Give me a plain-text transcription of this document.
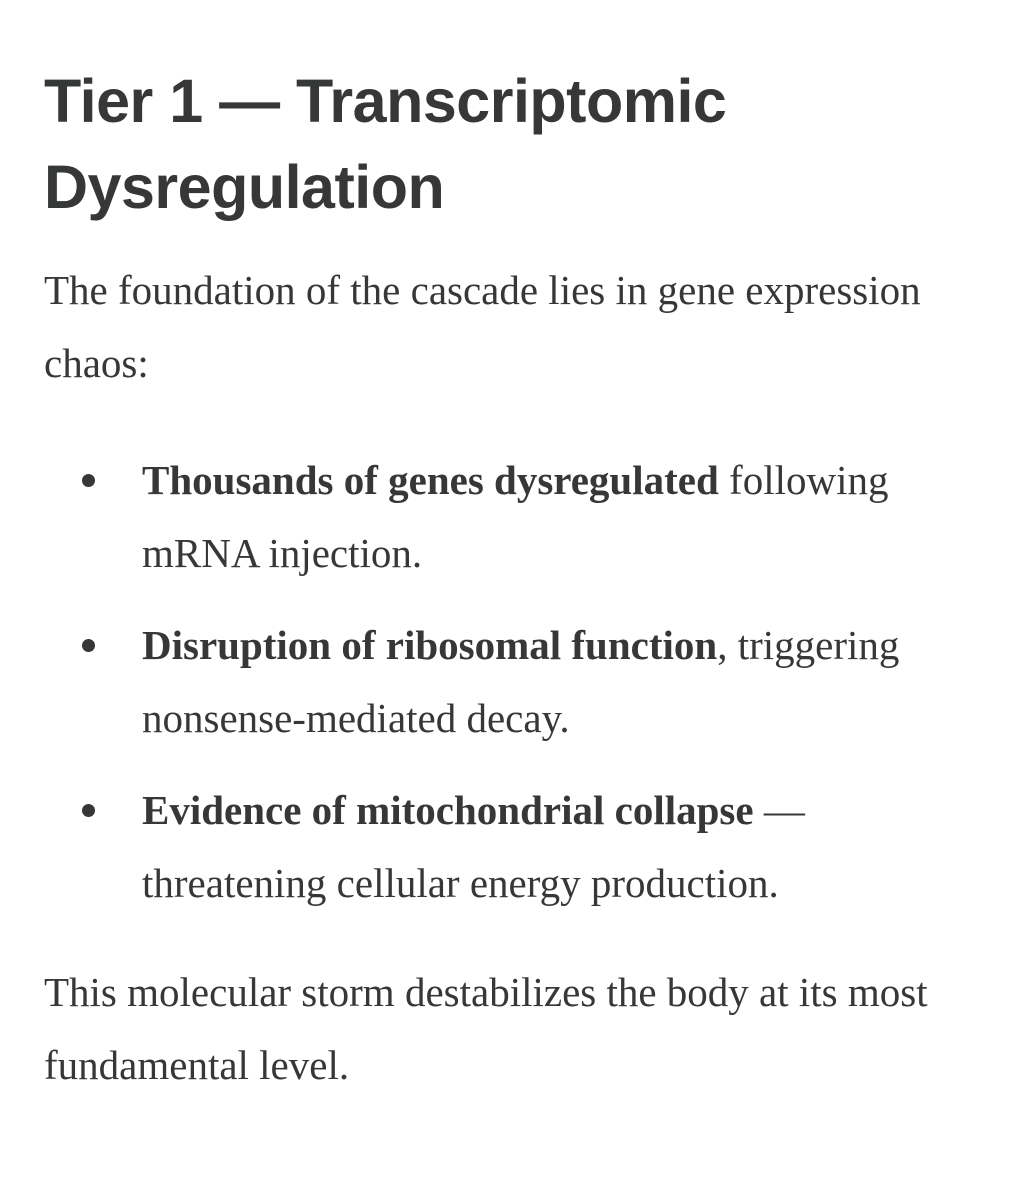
Tier 1 — Transcriptomic Dysregulation

The foundation of the cascade lies in gene expression chaos:

Thousands of genes dysregulated following mRNA injection.
Disruption of ribosomal function, triggering nonsense-mediated decay.
Evidence of mitochondrial collapse — threatening cellular energy production.

This molecular storm destabilizes the body at its most fundamental level.
